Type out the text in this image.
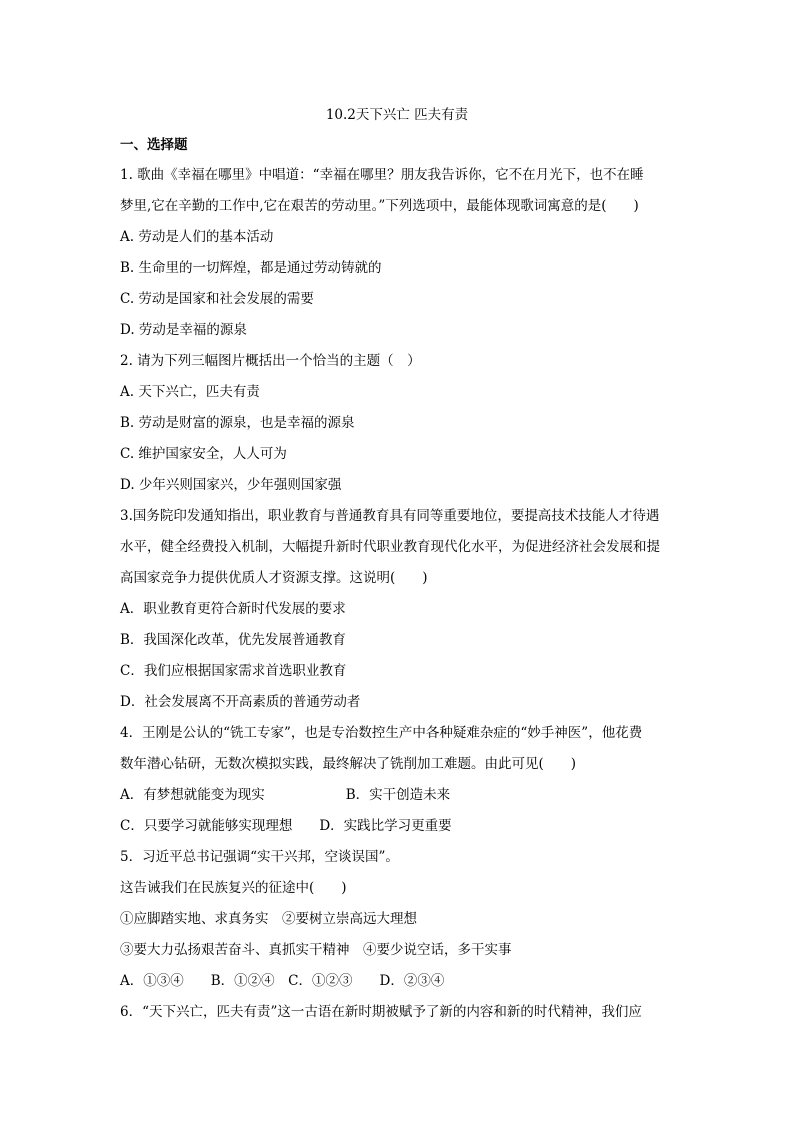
10.2天下兴亡 匹夫有责
一、选择题
1. 歌曲《幸福在哪里》中唱道：“幸福在哪里？朋友我告诉你，它不在月光下，也不在睡
梦里,它在辛勤的工作中,它在艰苦的劳动里。”下列选项中，最能体现歌词寓意的是(　　)
A. 劳动是人们的基本活动
B. 生命里的一切辉煌，都是通过劳动铸就的
C. 劳动是国家和社会发展的需要
D. 劳动是幸福的源泉
2. 请为下列三幅图片概括出一个恰当的主题（　）
A. 天下兴亡，匹夫有责
B. 劳动是财富的源泉，也是幸福的源泉
C. 维护国家安全，人人可为
D. 少年兴则国家兴，少年强则国家强
3.国务院印发通知指出，职业教育与普通教育具有同等重要地位，要提高技术技能人才待遇
水平，健全经费投入机制，大幅提升新时代职业教育现代化水平，为促进经济社会发展和提
高国家竞争力提供优质人才资源支撑。这说明(　　)
A．职业教育更符合新时代发展的要求
B．我国深化改革，优先发展普通教育
C．我们应根据国家需求首选职业教育
D．社会发展离不开高素质的普通劳动者
4．王刚是公认的“铣工专家”，也是专治数控生产中各种疑难杂症的“妙手神医”，他花费
数年潜心钻研，无数次模拟实践，最终解决了铣削加工难题。由此可见(　　)
A．有梦想就能变为现实　　　　　　B．实干创造未来
C．只要学习就能够实现理想　　D．实践比学习更重要
5．习近平总书记强调“实干兴邦，空谈误国”。
这告诫我们在民族复兴的征途中(　　)
①应脚踏实地、求真务实　②要树立崇高远大理想
③要大力弘扬艰苦奋斗、真抓实干精神　④要少说空话，多干实事
A．①③④　　B．①②④　C．①②③　　D．②③④
6．“天下兴亡，匹夫有责”这一古语在新时期被赋予了新的内容和新的时代精神，我们应
